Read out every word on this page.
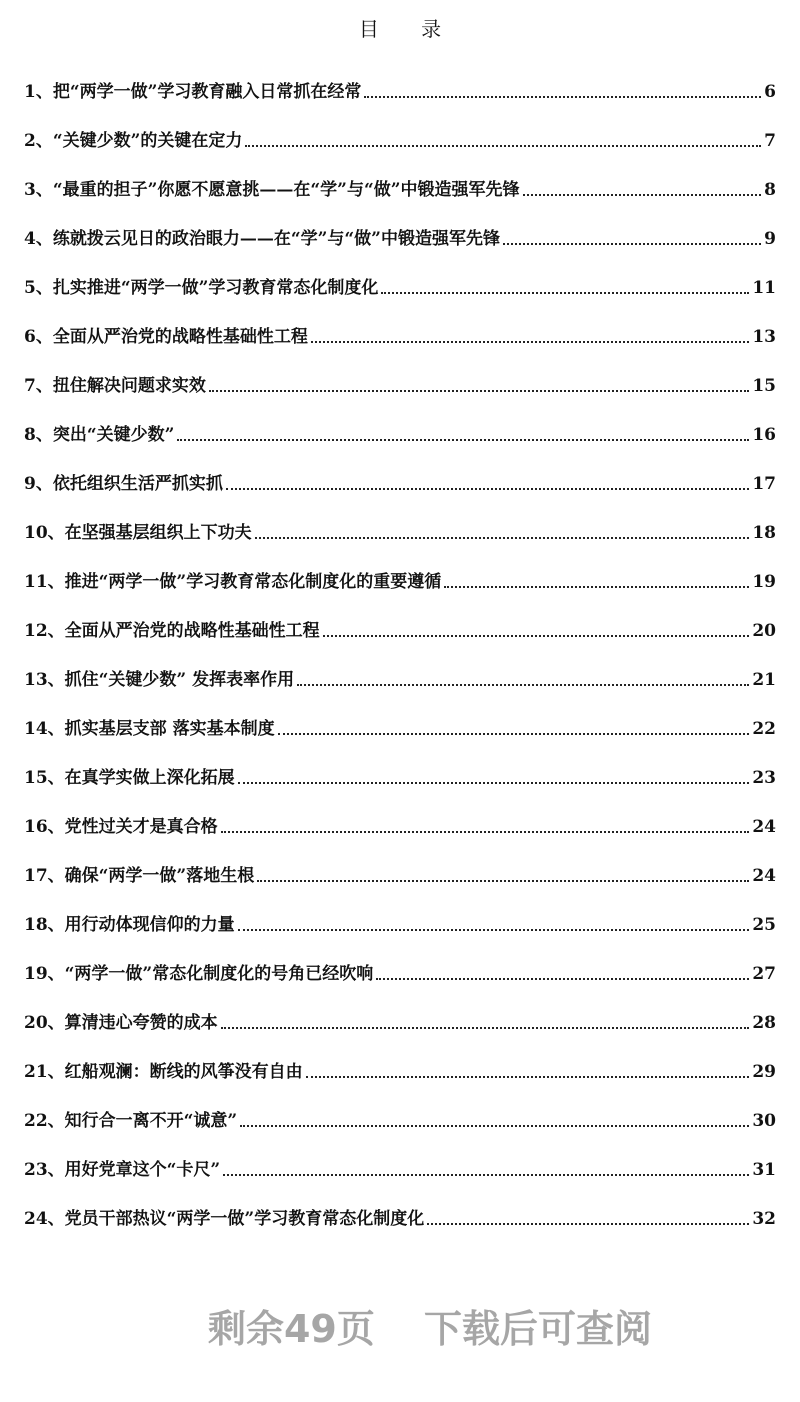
目 录
1、把“两学一做”学习教育融入日常抓在经常	6
2、“关键少数”的关键在定力	7
3、“最重的担子”你愿不愿意挑——在“学”与“做”中锻造强军先锋	8
4、练就拨云见日的政治眼力——在“学”与“做”中锻造强军先锋	9
5、扎实推进“两学一做”学习教育常态化制度化	11
6、全面从严治党的战略性基础性工程	13
7、扭住解决问题求实效	15
8、突出“关键少数”	16
9、依托组织生活严抓实抓	17
10、在坚强基层组织上下功夫	18
11、推进“两学一做”学习教育常态化制度化的重要遵循	19
12、全面从严治党的战略性基础性工程	20
13、抓住“关键少数” 发挥表率作用	21
14、抓实基层支部 落实基本制度	22
15、在真学实做上深化拓展	23
16、党性过关才是真合格	24
17、确保“两学一做”落地生根	24
18、用行动体现信仰的力量	25
19、“两学一做”常态化制度化的号角已经吹响	27
20、算清违心夸赞的成本	28
21、红船观澜：断线的风筝没有自由	29
22、知行合一离不开“诚意”	30
23、用好党章这个“卡尺”	31
24、党员干部热议“两学一做”学习教育常态化制度化	32
剩余49页 下载后可查阅
